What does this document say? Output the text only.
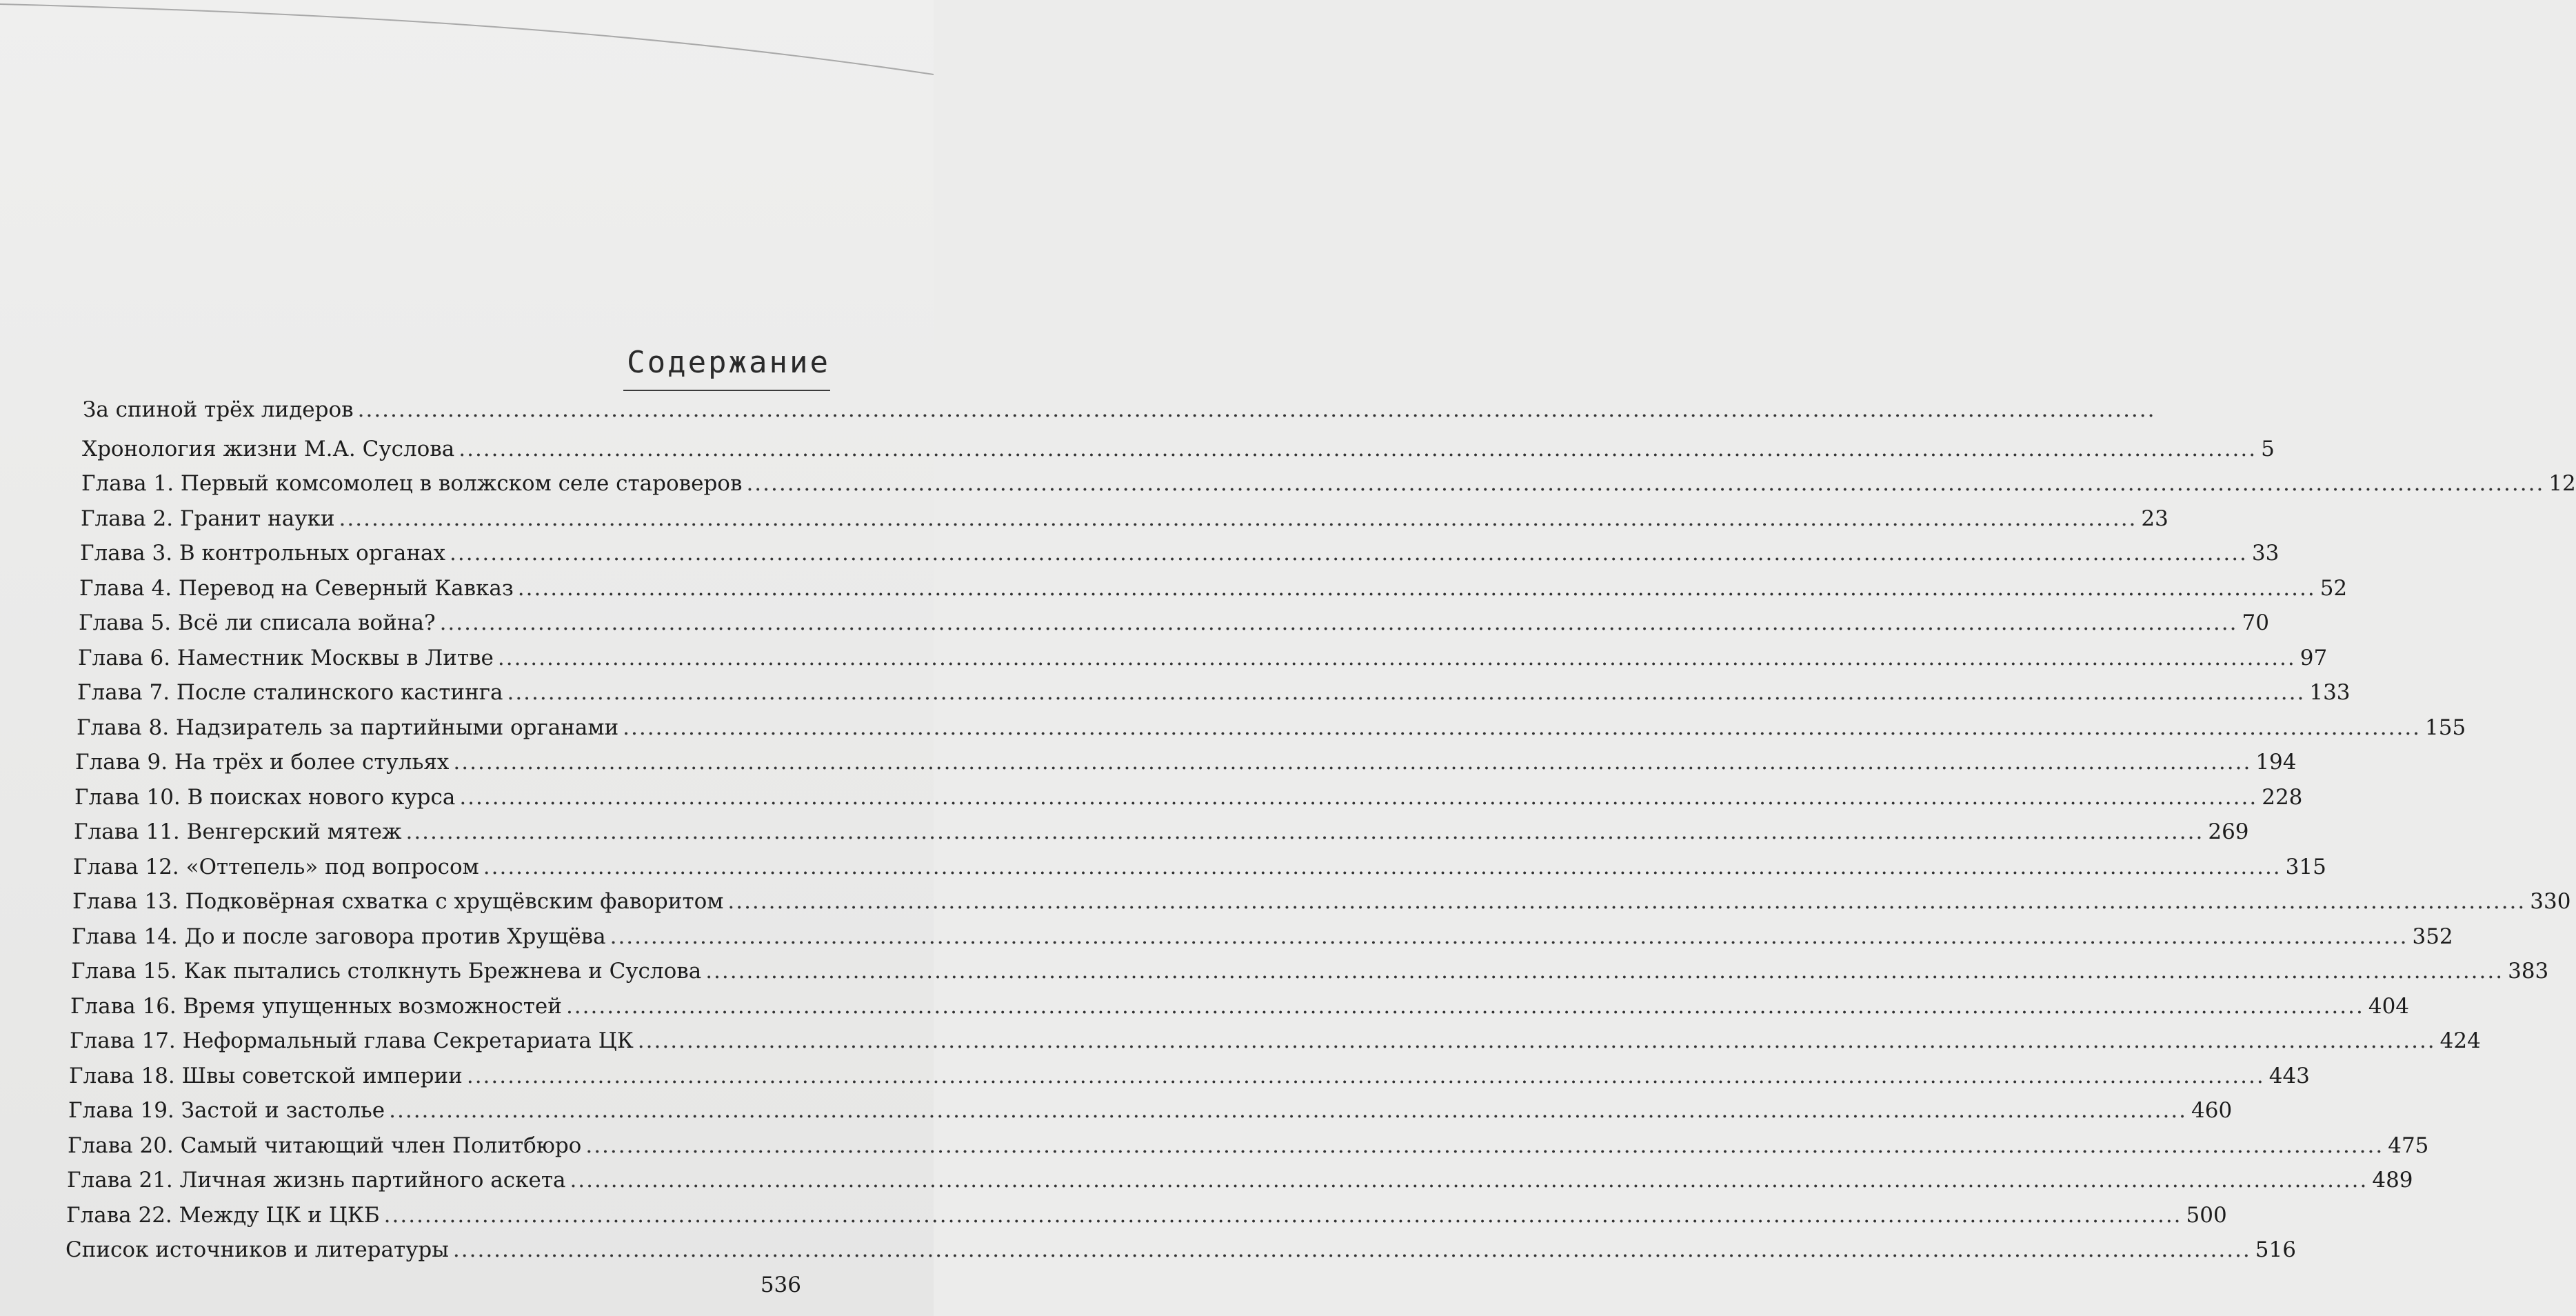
Содержание
За спиной трёх лидеров ............................................................................................................................................................................................................................
Хронология жизни М.А. Суслова ............................................................................................................................................................................................................................ 5
Глава 1. Первый комсомолец в волжском селе староверов ............................................................................................................................................................................................................................ 12
Глава 2. Гранит науки ............................................................................................................................................................................................................................ 23
Глава 3. В контрольных органах ............................................................................................................................................................................................................................ 33
Глава 4. Перевод на Северный Кавказ ............................................................................................................................................................................................................................ 52
Глава 5. Всё ли списала война? ............................................................................................................................................................................................................................ 70
Глава 6. Наместник Москвы в Литве ............................................................................................................................................................................................................................ 97
Глава 7. После сталинского кастинга ............................................................................................................................................................................................................................ 133
Глава 8. Надзиратель за партийными органами ............................................................................................................................................................................................................................ 155
Глава 9. На трёх и более стульях ............................................................................................................................................................................................................................ 194
Глава 10. В поисках нового курса ............................................................................................................................................................................................................................ 228
Глава 11. Венгерский мятеж ............................................................................................................................................................................................................................ 269
Глава 12. «Оттепель» под вопросом ............................................................................................................................................................................................................................ 315
Глава 13. Подковёрная схватка с хрущёвским фаворитом ............................................................................................................................................................................................................................ 330
Глава 14. До и после заговора против Хрущёва ............................................................................................................................................................................................................................ 352
Глава 15. Как пытались столкнуть Брежнева и Суслова ............................................................................................................................................................................................................................ 383
Глава 16. Время упущенных возможностей ............................................................................................................................................................................................................................ 404
Глава 17. Неформальный глава Секретариата ЦК ............................................................................................................................................................................................................................ 424
Глава 18. Швы советской империи ............................................................................................................................................................................................................................ 443
Глава 19. Застой и застолье ............................................................................................................................................................................................................................ 460
Глава 20. Самый читающий член Политбюро ............................................................................................................................................................................................................................ 475
Глава 21. Личная жизнь партийного аскета ............................................................................................................................................................................................................................ 489
Глава 22. Между ЦК и ЦКБ ............................................................................................................................................................................................................................ 500
Список источников и литературы ............................................................................................................................................................................................................................ 516
536
